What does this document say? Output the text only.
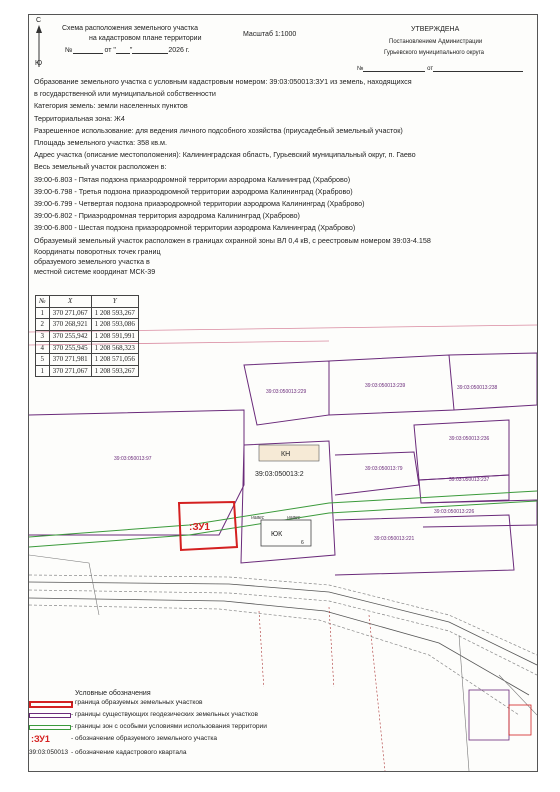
С
Ю
Схема расположения земельного участка
на кадастровом плане территории
№	от " "	2026 г.
Масштаб 1:1000
УТВЕРЖДЕНА
Постановлением Администрации
Гурьевского муниципального округа
№	от
Образование земельного участка с условным кадастровым номером: 39:03:050013:ЗУ1 из земель, находящихся
в государственной или муниципальной собственности
Категория земель: земли населенных пунктов
Территориальная зона: Ж4
Разрешенное использование: для ведения личного подсобного хозяйства (приусадебный земельный участок)
Площадь земельного участка: 358 кв.м.
Адрес участка (описание местоположения): Калининградская область, Гурьевский муниципальный округ, п. Гаево
Весь земельный участок расположен в:
39:00-6.803 - Пятая подзона приаэродромной территории аэродрома Калининград (Храброво)
39:00-6.798 - Третья подзона приаэродромной территории аэродрома Калининград (Храброво)
39:00-6.799 - Четвертая подзона приаэродромной территории аэродрома Калининград (Храброво)
39:00-6.802 - Приаэродромная территория аэродрома Калининград (Храброво)
39:00-6.800 - Шестая подзона приаэродромной территории аэродрома Калининград (Храброво)
Образуемый земельный участок расположен в границах охранной зоны ВЛ 0,4 кВ, с реестровым номером 39:03-4.158
Координаты поворотных точек границ
образуемого земельного участка в
местной системе координат МСК-39
39:03:050013:229
39:03:050013:239	39:03:050013:238
39:03:050013:97
39:03:050013:236
39:03:050013:79
39:03:050013:237
39:03:050013:226
39:03:050013:221
КН
39:03:050013:2
навес	навес
ЮК
6
:ЗУ1
№	X	Y
1	370 271,067	1 208 593,267
2	370 268,921	1 208 593,086
3	370 255,942	1 208 591,991
4	370 255,945	1 208 568,323
5	370 271,981	1 208 571,056
1	370 271,067	1 208 593,267
Условные обозначения
- граница образуемых земельных участков
- границы существующих геодезических земельных участков
- границы зон с особыми условиями использования территории
:ЗУ1	- обозначение образуемого земельного участка
39:03:050013 - обозначение кадастрового квартала
